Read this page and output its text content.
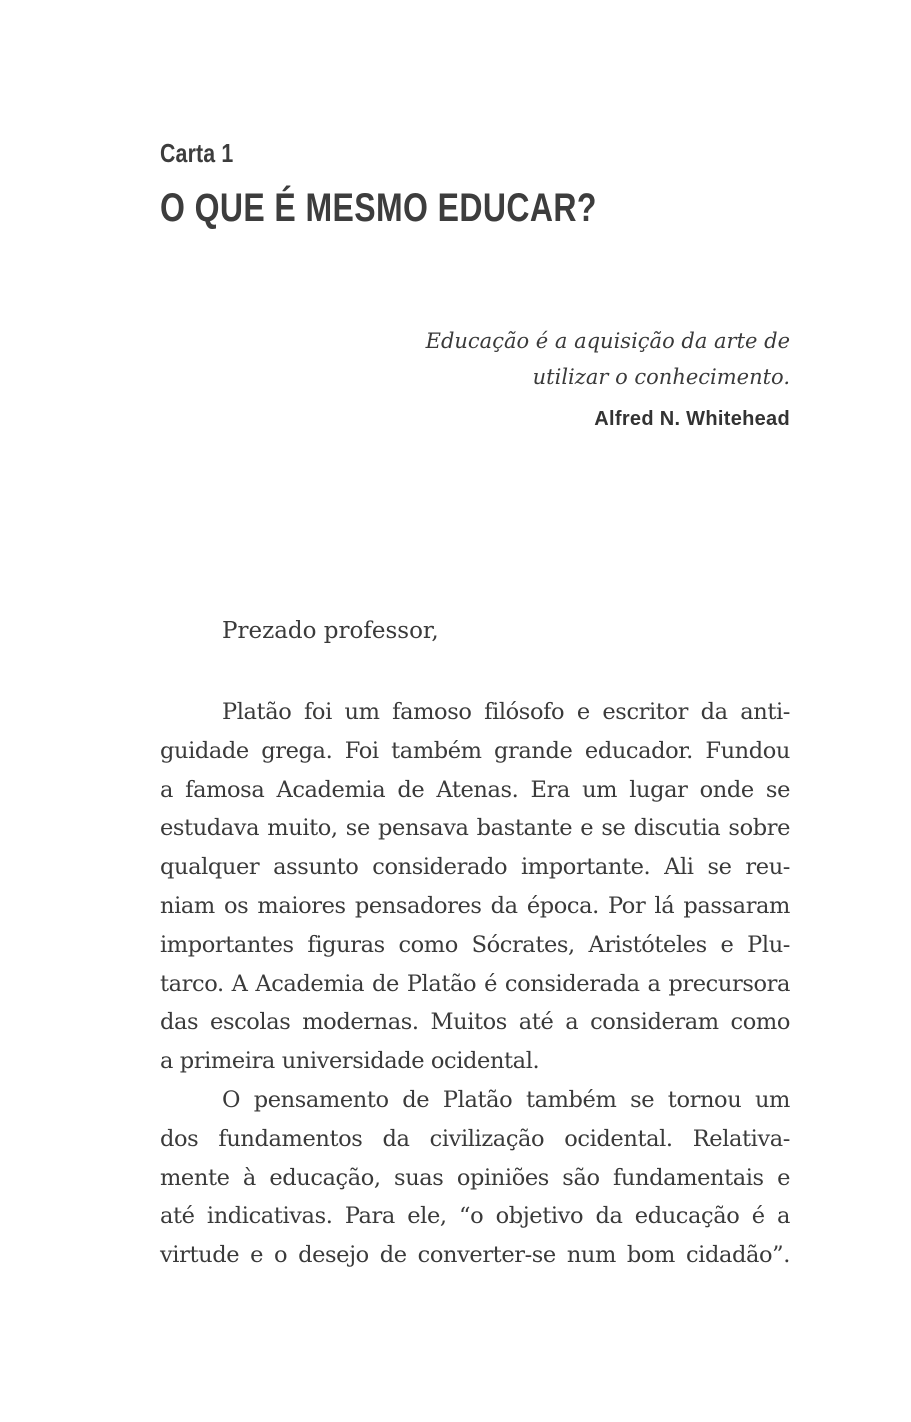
Carta 1
O QUE É MESMO EDUCAR?
Educação é a aquisição da arte de
utilizar o conhecimento.
Alfred N. Whitehead
Prezado professor,
Platão foi um famoso filósofo e escritor da anti-
guidade grega. Foi também grande educador. Fundou
a famosa Academia de Atenas. Era um lugar onde se
estudava muito, se pensava bastante e se discutia sobre
qualquer assunto considerado importante. Ali se reu-
niam os maiores pensadores da época. Por lá passaram
importantes figuras como Sócrates, Aristóteles e Plu-
tarco. A Academia de Platão é considerada a precursora
das escolas modernas. Muitos até a consideram como
a primeira universidade ocidental.
O pensamento de Platão também se tornou um
dos fundamentos da civilização ocidental. Relativa-
mente à educação, suas opiniões são fundamentais e
até indicativas. Para ele, “o objetivo da educação é a
virtude e o desejo de converter-se num bom cidadão”.
